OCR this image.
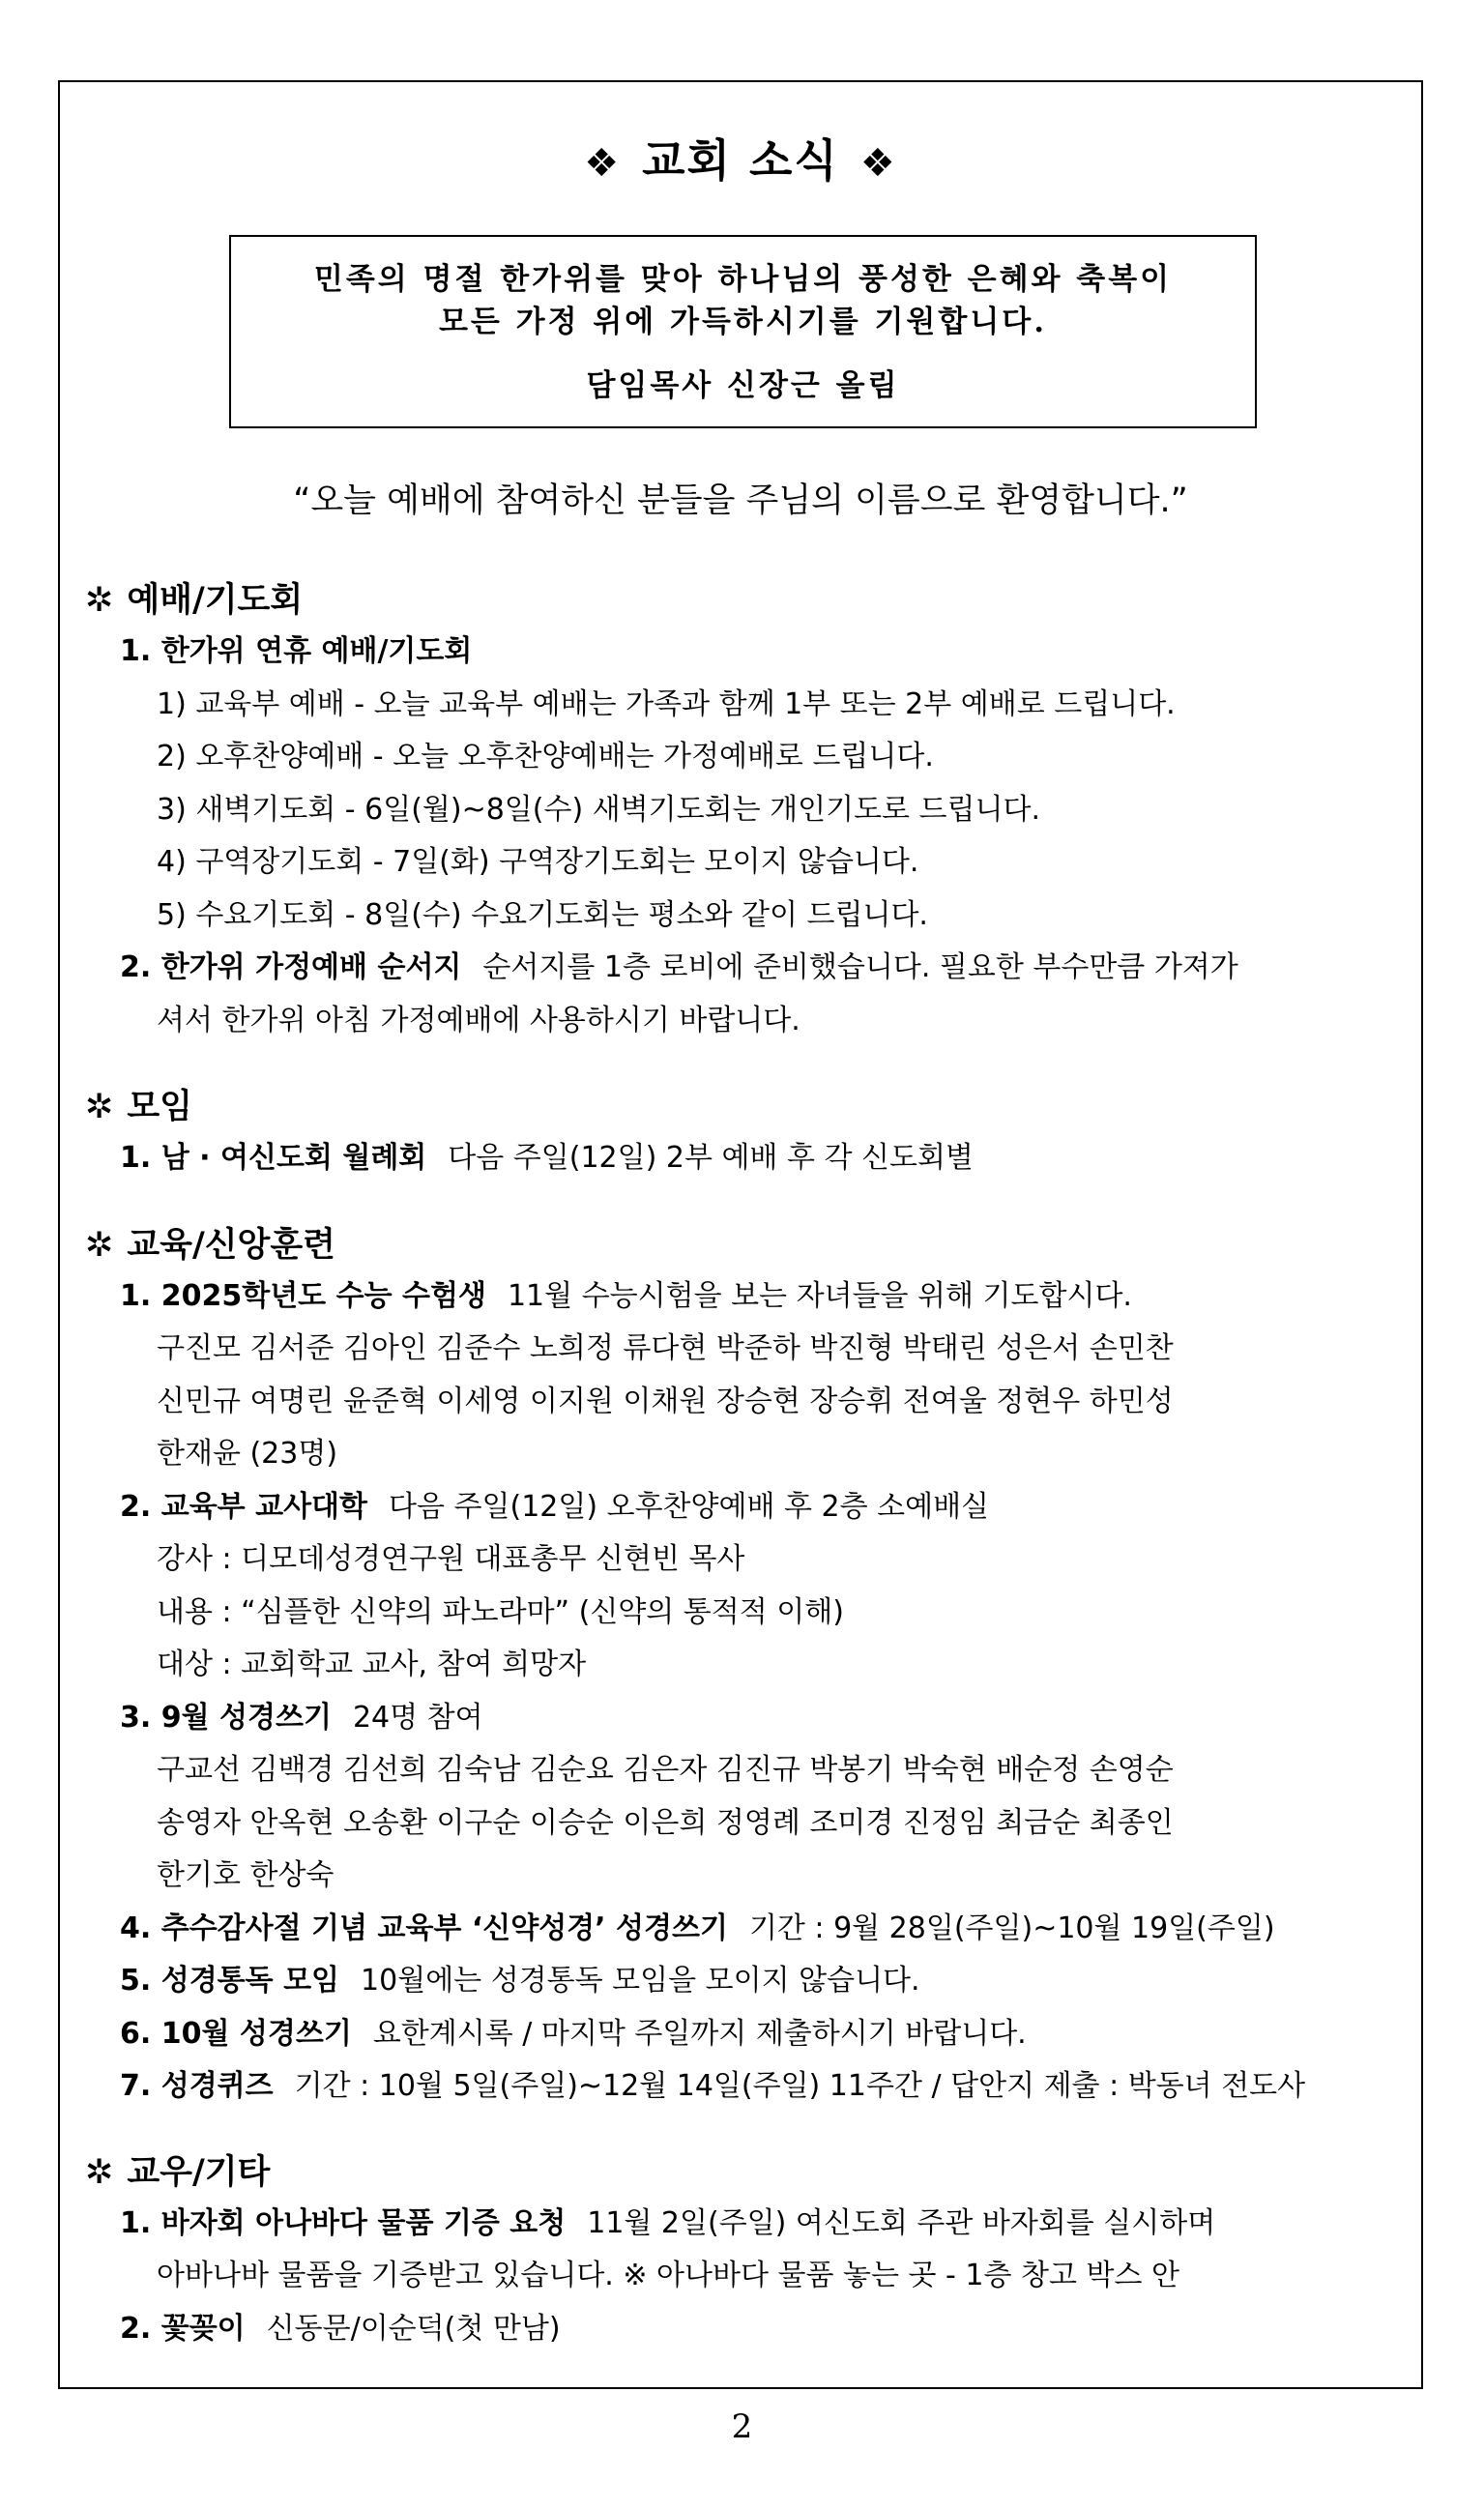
❖ 교회 소식 ❖
민족의 명절 한가위를 맞아 하나님의 풍성한 은혜와 축복이
모든 가정 위에 가득하시기를 기원합니다.
담임목사 신장근 올림
“오늘 예배에 참여하신 분들을 주님의 이름으로 환영합니다.”
✲ 예배/기도회
1. 한가위 연휴 예배/기도회
1) 교육부 예배 - 오늘 교육부 예배는 가족과 함께 1부 또는 2부 예배로 드립니다.
2) 오후찬양예배 - 오늘 오후찬양예배는 가정예배로 드립니다.
3) 새벽기도회 - 6일(월)~8일(수) 새벽기도회는 개인기도로 드립니다.
4) 구역장기도회 - 7일(화) 구역장기도회는 모이지 않습니다.
5) 수요기도회 - 8일(수) 수요기도회는 평소와 같이 드립니다.
2. 한가위 가정예배 순서지 순서지를 1층 로비에 준비했습니다. 필요한 부수만큼 가져가
셔서 한가위 아침 가정예배에 사용하시기 바랍니다.
✲ 모임
1. 남 · 여신도회 월례회 다음 주일(12일) 2부 예배 후 각 신도회별
✲ 교육/신앙훈련
1. 2025학년도 수능 수험생 11월 수능시험을 보는 자녀들을 위해 기도합시다.
구진모 김서준 김아인 김준수 노희정 류다현 박준하 박진형 박태린 성은서 손민찬
신민규 여명린 윤준혁 이세영 이지원 이채원 장승현 장승휘 전여울 정현우 하민성
한재윤 (23명)
2. 교육부 교사대학 다음 주일(12일) 오후찬양예배 후 2층 소예배실
강사 : 디모데성경연구원 대표총무 신현빈 목사
내용 : “심플한 신약의 파노라마” (신약의 통적적 이해)
대상 : 교회학교 교사, 참여 희망자
3. 9월 성경쓰기 24명 참여
구교선 김백경 김선희 김숙남 김순요 김은자 김진규 박봉기 박숙현 배순정 손영순
송영자 안옥현 오송환 이구순 이승순 이은희 정영례 조미경 진정임 최금순 최종인
한기호 한상숙
4. 추수감사절 기념 교육부 ‘신약성경’ 성경쓰기 기간 : 9월 28일(주일)~10월 19일(주일)
5. 성경통독 모임 10월에는 성경통독 모임을 모이지 않습니다.
6. 10월 성경쓰기 요한계시록 / 마지막 주일까지 제출하시기 바랍니다.
7. 성경퀴즈 기간 : 10월 5일(주일)~12월 14일(주일) 11주간 / 답안지 제출 : 박동녀 전도사
✲ 교우/기타
1. 바자회 아나바다 물품 기증 요청 11월 2일(주일) 여신도회 주관 바자회를 실시하며
아바나바 물품을 기증받고 있습니다. ※ 아나바다 물품 놓는 곳 - 1층 창고 박스 안
2. 꽃꽂이 신동문/이순덕(첫 만남)
2
